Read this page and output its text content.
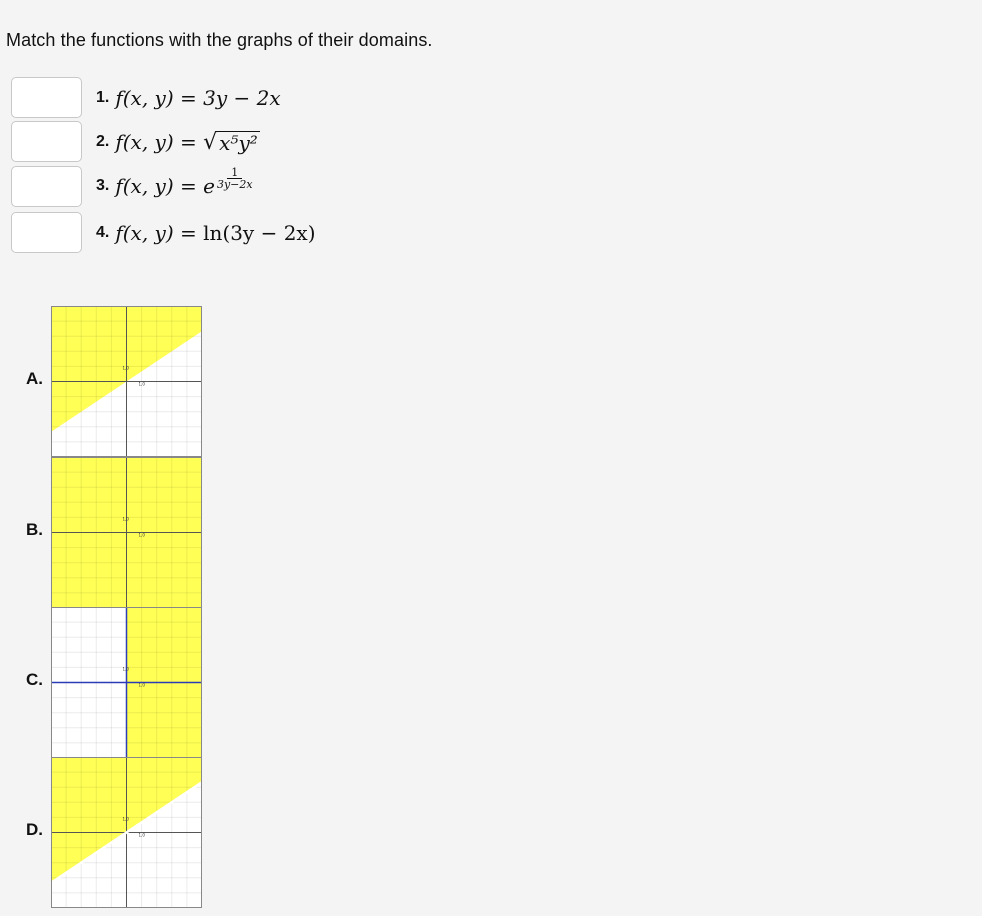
Match the functions with the graphs of their domains.
1. f(x, y) =
3y − 2x
2. f(x, y) =
√ x⁵y²
3. f(x, y) =
e $\frac{1}{3y-2x}$
4. f(x, y) =
ln(3y − 2x)
A.
1,0
1,0
B.
1,0
1,0
C.
1,0
1,0
D.
1,0
1,0
